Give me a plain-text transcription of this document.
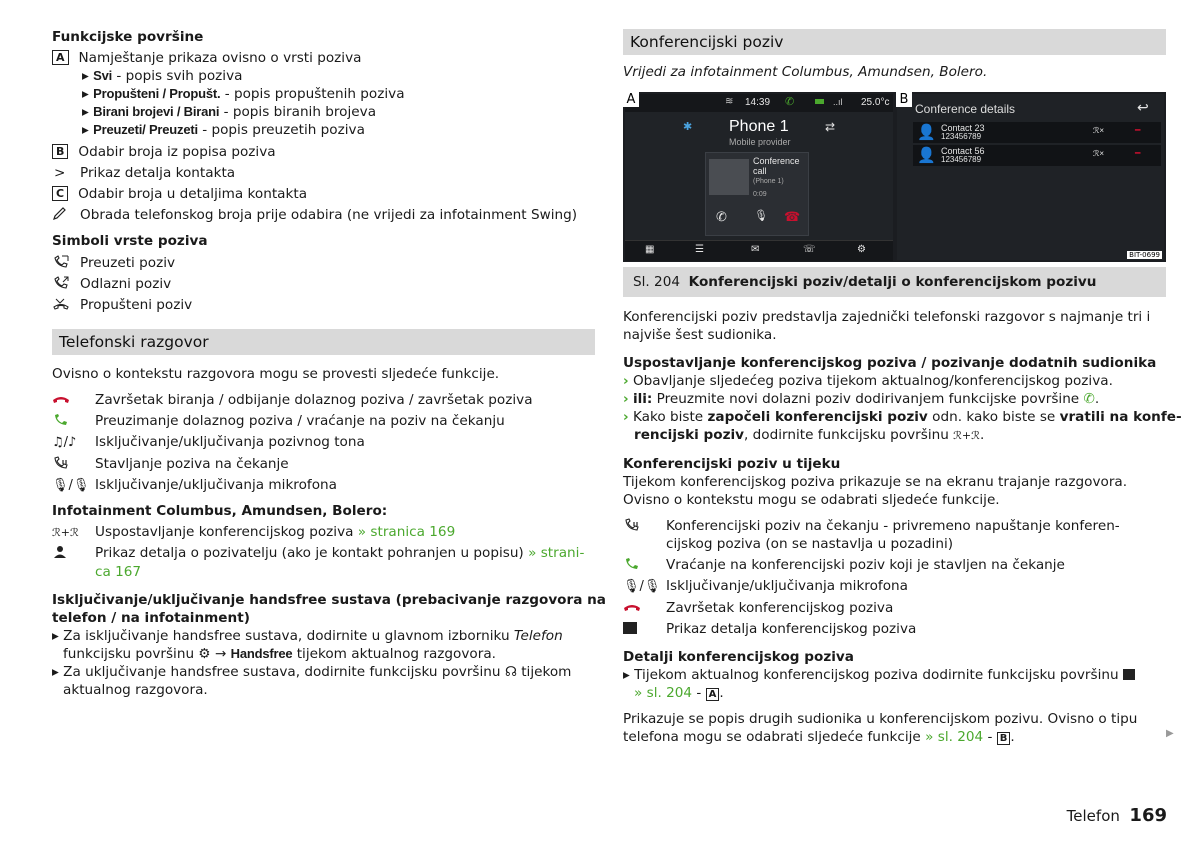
Funkcijske površine
A Namještanje prikaza ovisno o vrsti poziva
▸ Svi - popis svih poziva
▸ Propušteni / Propušt. - popis propuštenih poziva
▸ Birani brojevi / Birani - popis biranih brojeva
▸ Preuzeti/ Preuzeti - popis preuzetih poziva
B Odabir broja iz popisa poziva
> Prikaz detalja kontakta
C Odabir broja u detaljima kontakta
Obrada telefonskog broja prije odabira (ne vrijedi za infotainment Swing)
Simboli vrste poziva
Preuzeti poziv
Odlazni poziv
Propušteni poziv
Telefonski razgovor
Ovisno o kontekstu razgovora mogu se provesti sljedeće funkcije.
Završetak biranja / odbijanje dolaznog poziva / završetak poziva
Preuzimanje dolaznog poziva / vraćanje na poziv na čekanju
♫/♪ Isključivanje/uključivanja pozivnog tona
Stavljanje poziva na čekanje
🎙/🎙 Isključivanje/uključivanja mikrofona
Infotainment Columbus, Amundsen, Bolero:
ℛ+ℛ Uspostavljanje konferencijskog poziva » stranica 169
Prikaz detalja o pozivatelju (ako je kontakt pohranjen u popisu) » strani-
ca 167
Isključivanje/uključivanje handsfree sustava (prebacivanje razgovora na
telefon / na infotainment)
▸ Za isključivanje handsfree sustava, dodirnite u glavnom izborniku Telefon
funkcijsku površinu ⚙ → Handsfree tijekom aktualnog razgovora.
▸ Za uključivanje handsfree sustava, dodirnite funkcijsku površinu ☊ tijekom
aktualnog razgovora.
Konferencijski poziv
Vrijedi za infotainment Columbus, Amundsen, Bolero.
≋ 14:39 ✆	..ıl 25.0°c
✱ Phone 1
Mobile provider
⇄
Conference
call
(Phone 1)
0:09
✆ 🎙 ☎
▦	☰	✉	☏	⚙
A
Conference details	↩
👤 Contact 23
123456789
ℛ×	━
👤 Contact 56
123456789
ℛ×	━
BIT-0699
B
Sl. 204 Konferencijski poziv/detalji o konferencijskom pozivu
Konferencijski poziv predstavlja zajednički telefonski razgovor s najmanje tri i najviše šest sudionika.
Uspostavljanje konferencijskog poziva / pozivanje dodatnih sudionika
› Obavljanje sljedećeg poziva tijekom aktualnog/konferencijskog poziva.
› ili: Preuzmite novi dolazni poziv dodirivanjem funkcijske površine ✆.
› Kako biste započeli konferencijski poziv odn. kako biste se vratili na konfe-
rencijski poziv, dodirnite funkcijsku površinu ℛ+ℛ.
Konferencijski poziv u tijeku
Tijekom konferencijskog poziva prikazuje se na ekranu trajanje razgovora.
Ovisno o kontekstu mogu se odabrati sljedeće funkcije.
Konferencijski poziv na čekanju - privremeno napuštanje konferen-
cijskog poziva (on se nastavlja u pozadini)
Vraćanje na konferencijski poziv koji je stavljen na čekanje
🎙/🎙 Isključivanje/uključivanja mikrofona
Završetak konferencijskog poziva
Prikaz detalja konferencijskog poziva
Detalji konferencijskog poziva
▸ Tijekom aktualnog konferencijskog poziva dodirnite funkcijsku površinu
» sl. 204 - A .
Prikazuje se popis drugih sudionika u konferencijskom pozivu. Ovisno o tipu
telefona mogu se odabrati sljedeće funkcije » sl. 204 - B .	▶
Telefon 169
